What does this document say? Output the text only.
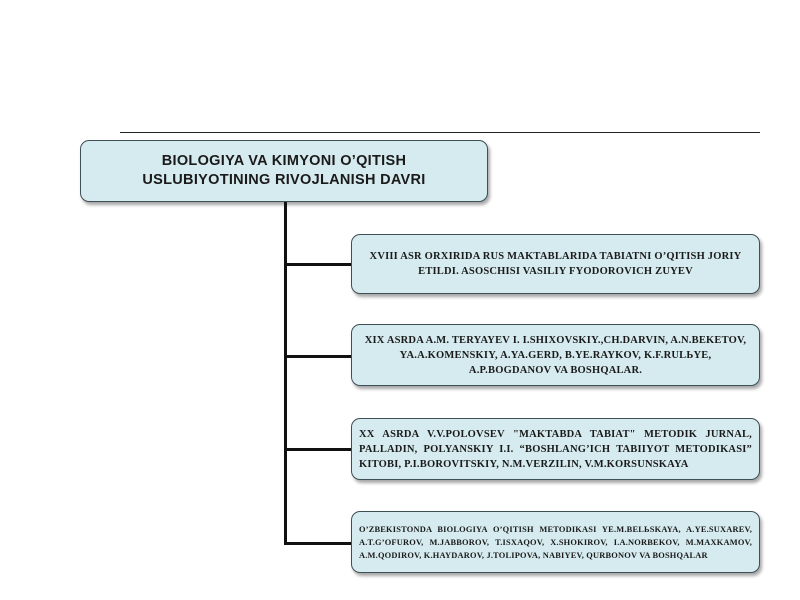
BIOLOGIYA VA KIMYONI O’QITISH
USLUBIYOTINING RIVOJLANISH DAVRI
XVIII ASR ОRXIRIDA RUS MAKTABLARIDA TABIATNI O’QITISH JORIY ETILDI. ASOSCHISI VASILIY FYODOROVICH ZUYEV
XIX ASRDA A.M. TERYAYEV I. I.SHIXOVSKIY.,CH.DARVIN, A.N.BEKETOV, YA.A.KOMENSKIY, A.YA.GERD, B.YE.RAYKOV, K.F.RULЬYE, A.P.BOGDANOV VA BOSHQALAR.
XX ASRDA V.V.POLOVSEV "MAKTABDA TABIAT" METODIK JURNAL, PALLADIN, POLYANSKIY I.I. “BOSHLANG’ICH TABIIYOT METODIKASI” KITOBI, P.I.BOROVITSKIY, N.M.VERZILIN, V.M.KORSUNSKAYA
O’ZBEKISTONDA BIOLOGIYA O’QITISH METODIKASI YE.M.BELЬSKAYA, A.YE.SUXAREV, A.T.G’OFUROV, M.JABBOROV, T.ISXAQOV, X.SHOKIROV, I.A.NORBEKOV, M.MAXKAMOV, A.M.QODIROV, K.HAYDAROV, J.TOLIPOVA, NABIYEV, QURBONOV VA BOSHQALAR
